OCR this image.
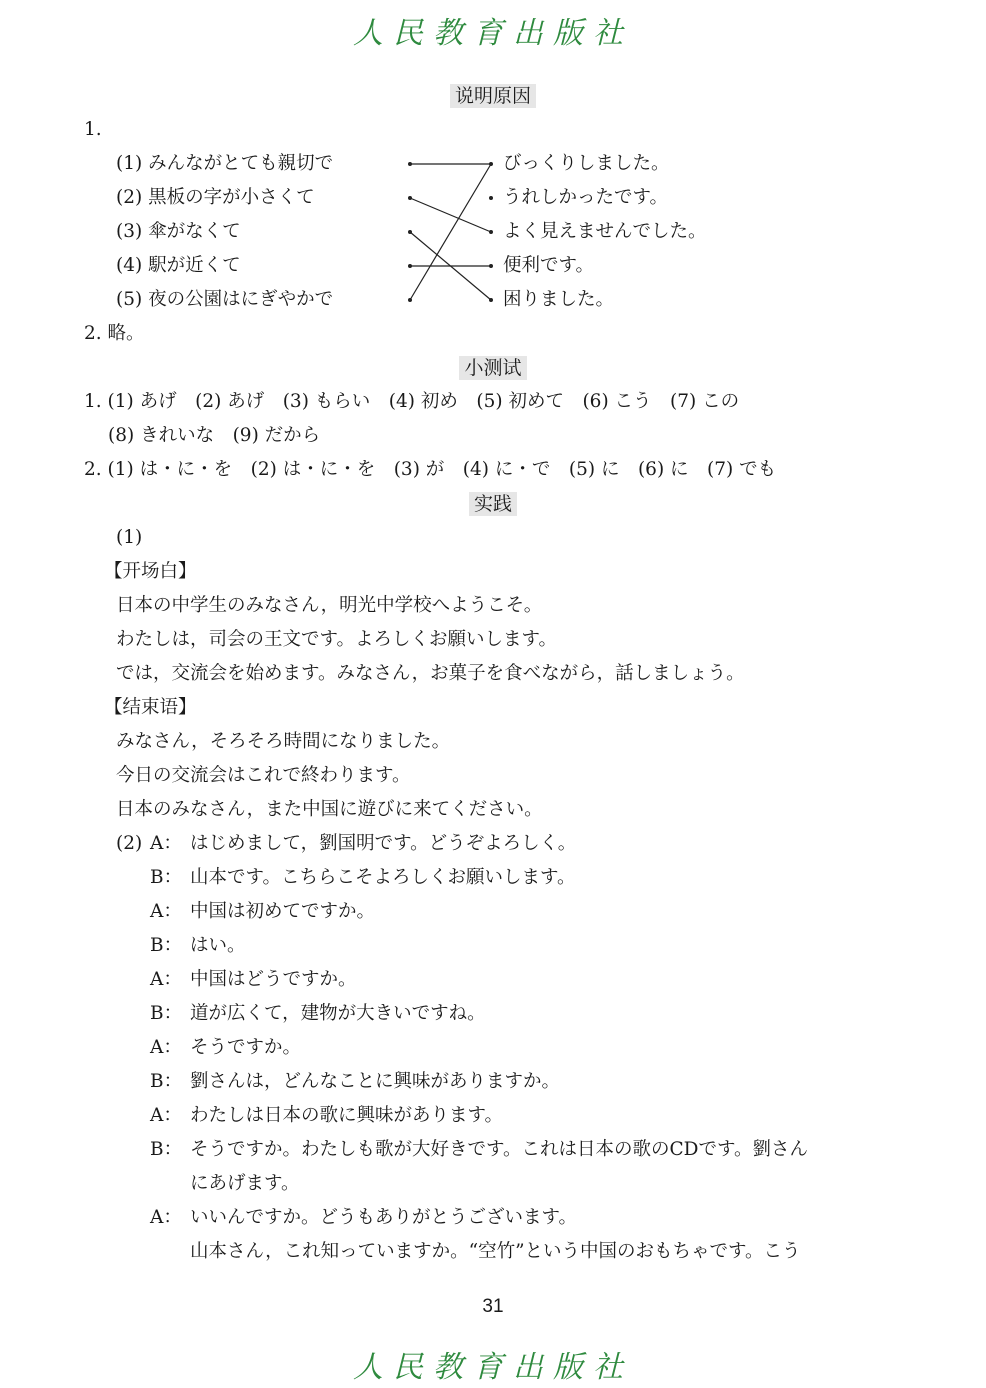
人民教育出版社
说明原因
1.
(1) みんながとても親切で
(2) 黒板の字が小さくて
(3) 傘がなくて
(4) 駅が近くて
(5) 夜の公園はにぎやかで
びっくりしました。
うれしかったです。
よく見えませんでした。
便利です。
困りました。
2. 略。
小测试
1. (1) あげ　(2) あげ　(3) もらい　(4) 初め　(5) 初めて　(6) こう　(7) この
(8) きれいな　(9) だから
2. (1) は・に・を　(2) は・に・を　(3) が　(4) に・で　(5) に　(6) に　(7) でも
实践
(1)
【开场白】
日本の中学生のみなさん，明光中学校へようこそ。
わたしは，司会の王文です。よろしくお願いします。
では，交流会を始めます。みなさん，お菓子を食べながら，話しましょう。
【结束语】
みなさん，そろそろ時間になりました。
今日の交流会はこれで終わります。
日本のみなさん，また中国に遊びに来てください。
(2) A： はじめまして，劉国明です。どうぞよろしく。
B： 山本です。こちらこそよろしくお願いします。
A： 中国は初めてですか。
B： はい。
A： 中国はどうですか。
B： 道が広くて，建物が大きいですね。
A： そうですか。
B： 劉さんは，どんなことに興味がありますか。
A： わたしは日本の歌に興味があります。
B： そうですか。わたしも歌が大好きです。これは日本の歌のCDです。劉さん
にあげます。
A： いいんですか。どうもありがとうございます。
山本さん，これ知っていますか。“空竹”という中国のおもちゃです。こう
31
人民教育出版社
